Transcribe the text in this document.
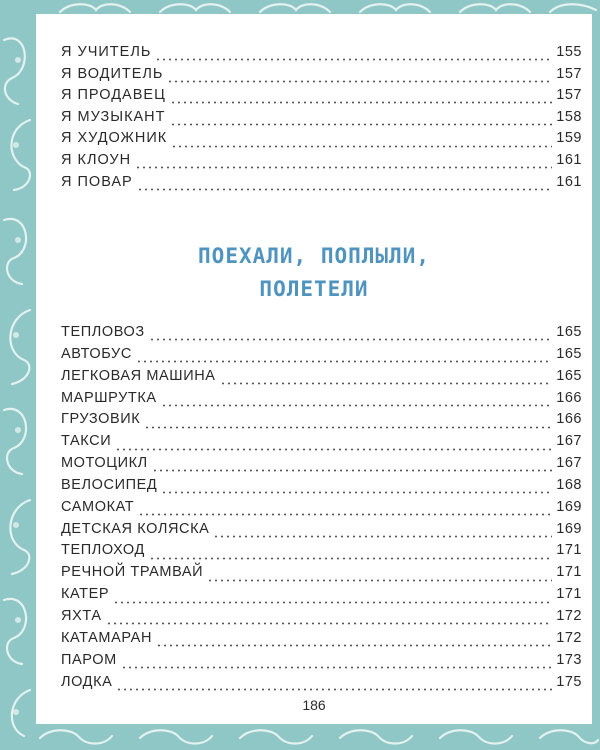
Я УЧИТЕЛЬ	155
Я ВОДИТЕЛЬ	157
Я ПРОДАВЕЦ	157
Я МУЗЫКАНТ	158
Я ХУДОЖНИК	159
Я КЛОУН	161
Я ПОВАР	161
ПОЕХАЛИ, ПОПЛЫЛИ,
ПОЛЕТЕЛИ
ТЕПЛОВОЗ	165
АВТОБУС	165
ЛЕГКОВАЯ МАШИНА	165
МАРШРУТКА	166
ГРУЗОВИК	166
ТАКСИ	167
МОТОЦИКЛ	167
ВЕЛОСИПЕД	168
САМОКАТ	169
ДЕТСКАЯ КОЛЯСКА	169
ТЕПЛОХОД	171
РЕЧНОЙ ТРАМВАЙ	171
КАТЕР	171
ЯХТА	172
КАТАМАРАН	172
ПАРОМ	173
ЛОДКА	175
186
